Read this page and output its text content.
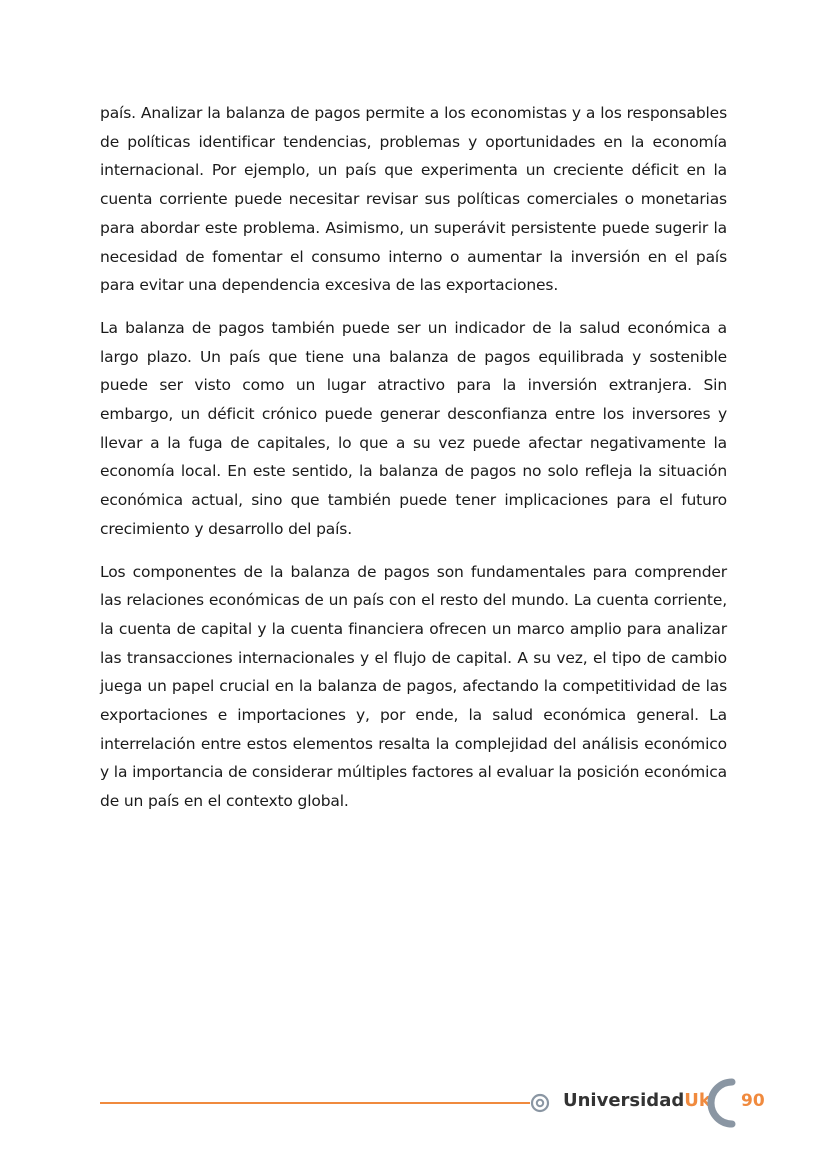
país. Analizar la balanza de pagos permite a los economistas y a los responsables de políticas identificar tendencias, problemas y oportunidades en la economía internacional. Por ejemplo, un país que experimenta un creciente déficit en la cuenta corriente puede necesitar revisar sus políticas comerciales o monetarias para abordar este problema. Asimismo, un superávit persistente puede sugerir la necesidad de fomentar el consumo interno o aumentar la inversión en el país para evitar una dependencia excesiva de las exportaciones.

La balanza de pagos también puede ser un indicador de la salud económica a largo plazo. Un país que tiene una balanza de pagos equilibrada y sostenible puede ser visto como un lugar atractivo para la inversión extranjera. Sin embargo, un déficit crónico puede generar desconfianza entre los inversores y llevar a la fuga de capitales, lo que a su vez puede afectar negativamente la economía local. En este sentido, la balanza de pagos no solo refleja la situación económica actual, sino que también puede tener implicaciones para el futuro crecimiento y desarrollo del país.

Los componentes de la balanza de pagos son fundamentales para comprender las relaciones económicas de un país con el resto del mundo. La cuenta corriente, la cuenta de capital y la cuenta financiera ofrecen un marco amplio para analizar las transacciones internacionales y el flujo de capital. A su vez, el tipo de cambio juega un papel crucial en la balanza de pagos, afectando la competitividad de las exportaciones e importaciones y, por ende, la salud económica general. La interrelación entre estos elementos resalta la complejidad del análisis económico y la importancia de considerar múltiples factores al evaluar la posición económica de un país en el contexto global.

UniversidadUk 90
